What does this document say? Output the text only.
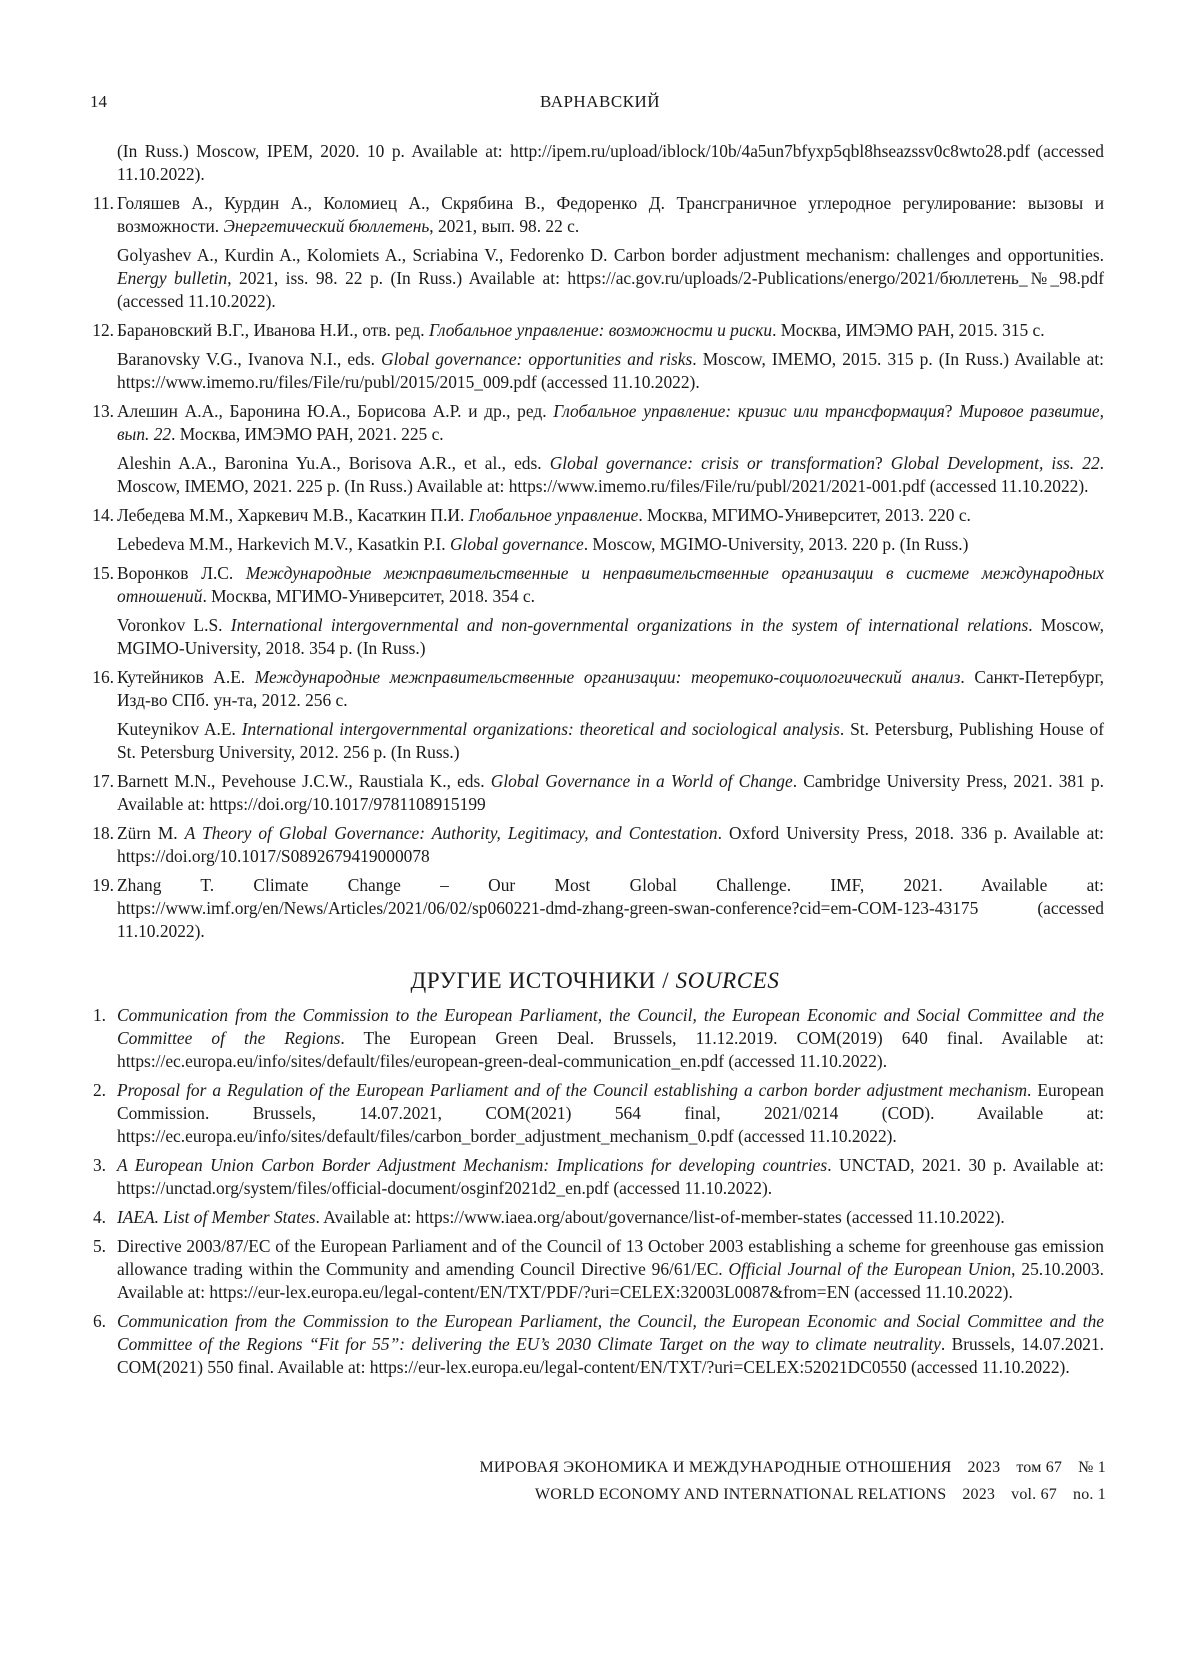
14	ВАРНАВСКИЙ

(In Russ.) Moscow, IPEM, 2020. 10 p. Available at: http://ipem.ru/upload/iblock/10b/4a5un7bfyxp5qbl8hseazssv0c8wto28.pdf (accessed 11.10.2022).

11. Голяшев А., Курдин А., Коломиец А., Скрябина В., Федоренко Д. Трансграничное углеродное регулирование: вызовы и возможности. Энергетический бюллетень, 2021, вып. 98. 22 с.

Golyashev A., Kurdin A., Kolomiets A., Scriabina V., Fedorenko D. Carbon border adjustment mechanism: challenges and opportunities. Energy bulletin, 2021, iss. 98. 22 p. (In Russ.) Available at: https://ac.gov.ru/uploads/2-Publications/energo/2021/бюллетень_№_98.pdf (accessed 11.10.2022).

12. Барановский В.Г., Иванова Н.И., отв. ред. Глобальное управление: возможности и риски. Москва, ИМЭМО РАН, 2015. 315 с.

Baranovsky V.G., Ivanova N.I., eds. Global governance: opportunities and risks. Moscow, IMEMO, 2015. 315 p. (In Russ.) Available at: https://www.imemo.ru/files/File/ru/publ/2015/2015_009.pdf (accessed 11.10.2022).

13. Алешин А.А., Баронина Ю.А., Борисова А.Р. и др., ред. Глобальное управление: кризис или трансформация? Мировое развитие, вып. 22. Москва, ИМЭМО РАН, 2021. 225 с.

Aleshin A.A., Baronina Yu.A., Borisova A.R., et al., eds. Global governance: crisis or transformation? Global Development, iss. 22. Moscow, IMEMO, 2021. 225 p. (In Russ.) Available at: https://www.imemo.ru/files/File/ru/publ/2021/2021-001.pdf (accessed 11.10.2022).

14. Лебедева М.М., Харкевич М.В., Касаткин П.И. Глобальное управление. Москва, МГИМО-Университет, 2013. 220 с.

Lebedeva M.M., Harkevich M.V., Kasatkin P.I. Global governance. Moscow, MGIMO-University, 2013. 220 p. (In Russ.)

15. Воронков Л.С. Международные межправительственные и неправительственные организации в системе международных отношений. Москва, МГИМО-Университет, 2018. 354 с.

Voronkov L.S. International intergovernmental and non-governmental organizations in the system of international relations. Moscow, MGIMO-University, 2018. 354 p. (In Russ.)

16. Кутейников А.Е. Международные межправительственные организации: теоретико-социологический анализ. Санкт-Петербург, Изд-во СПб. ун-та, 2012. 256 с.

Kuteynikov A.E. International intergovernmental organizations: theoretical and sociological analysis. St. Petersburg, Publishing House of St. Petersburg University, 2012. 256 p. (In Russ.)

17. Barnett M.N., Pevehouse J.C.W., Raustiala K., eds. Global Governance in a World of Change. Cambridge University Press, 2021. 381 p. Available at: https://doi.org/10.1017/9781108915199

18. Zürn M. A Theory of Global Governance: Authority, Legitimacy, and Contestation. Oxford University Press, 2018. 336 p. Available at: https://doi.org/10.1017/S0892679419000078

19. Zhang T. Climate Change – Our Most Global Challenge. IMF, 2021. Available at: https://www.imf.org/en/News/Articles/2021/06/02/sp060221-dmd-zhang-green-swan-conference?cid=em-COM-123-43175 (accessed 11.10.2022).

ДРУГИЕ ИСТОЧНИКИ / SOURCES
1. Communication from the Commission to the European Parliament, the Council, the European Economic and Social Committee and the Committee of the Regions. The European Green Deal. Brussels, 11.12.2019. COM(2019) 640 final. Available at: https://ec.europa.eu/info/sites/default/files/european-green-deal-communication_en.pdf (accessed 11.10.2022).

2. Proposal for a Regulation of the European Parliament and of the Council establishing a carbon border adjustment mechanism. European Commission. Brussels, 14.07.2021, COM(2021) 564 final, 2021/0214 (COD). Available at: https://ec.europa.eu/info/sites/default/files/carbon_border_adjustment_mechanism_0.pdf (accessed 11.10.2022).

3. A European Union Carbon Border Adjustment Mechanism: Implications for developing countries. UNCTAD, 2021. 30 p. Available at: https://unctad.org/system/files/official-document/osginf2021d2_en.pdf (accessed 11.10.2022).

4. IAEA. List of Member States. Available at: https://www.iaea.org/about/governance/list-of-member-states (accessed 11.10.2022).

5. Directive 2003/87/EC of the European Parliament and of the Council of 13 October 2003 establishing a scheme for greenhouse gas emission allowance trading within the Community and amending Council Directive 96/61/EC. Official Journal of the European Union, 25.10.2003. Available at: https://eur-lex.europa.eu/legal-content/EN/TXT/PDF/?uri=CELEX:32003L0087&from=EN (accessed 11.10.2022).

6. Communication from the Commission to the European Parliament, the Council, the European Economic and Social Committee and the Committee of the Regions “Fit for 55”: delivering the EU’s 2030 Climate Target on the way to climate neutrality. Brussels, 14.07.2021. COM(2021) 550 final. Available at: https://eur-lex.europa.eu/legal-content/EN/TXT/?uri=CELEX:52021DC0550 (accessed 11.10.2022).

МИРОВАЯ ЭКОНОМИКА И МЕЖДУНАРОДНЫЕ ОТНОШЕНИЯ 2023 том 67 № 1
WORLD ECONOMY AND INTERNATIONAL RELATIONS 2023 vol. 67 no. 1
